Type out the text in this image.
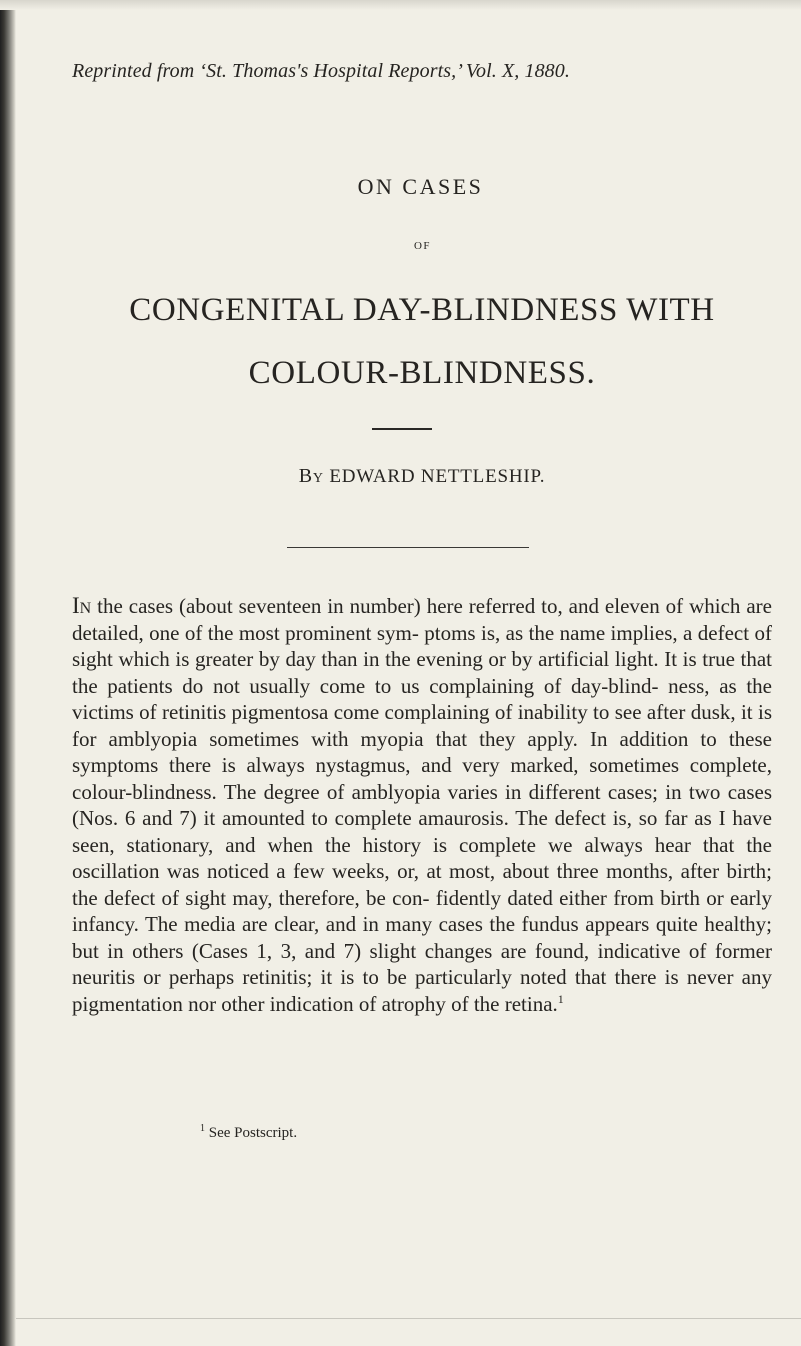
Reprinted from ‘St. Thomas's Hospital Reports,’ Vol. X, 1880.
ON CASES
OF
CONGENITAL DAY-BLINDNESS WITH
COLOUR-BLINDNESS.
By EDWARD NETTLESHIP.
In the cases (about seventeen in number) here referred to, and eleven of which are detailed, one of the most prominent sym- ptoms is, as the name implies, a defect of sight which is greater by day than in the evening or by artificial light. It is true that the patients do not usually come to us complaining of day-blind- ness, as the victims of retinitis pigmentosa come complaining of inability to see after dusk, it is for amblyopia sometimes with myopia that they apply. In addition to these symptoms there is always nystagmus, and very marked, sometimes complete, colour-blindness. The degree of amblyopia varies in different cases; in two cases (Nos. 6 and 7) it amounted to complete amaurosis. The defect is, so far as I have seen, stationary, and when the history is complete we always hear that the oscillation was noticed a few weeks, or, at most, about three months, after birth; the defect of sight may, therefore, be con- fidently dated either from birth or early infancy. The media are clear, and in many cases the fundus appears quite healthy; but in others (Cases 1, 3, and 7) slight changes are found, indicative of former neuritis or perhaps retinitis; it is to be particularly noted that there is never any pigmentation nor other indication of atrophy of the retina.$^1$
$^1$ See Postscript.
